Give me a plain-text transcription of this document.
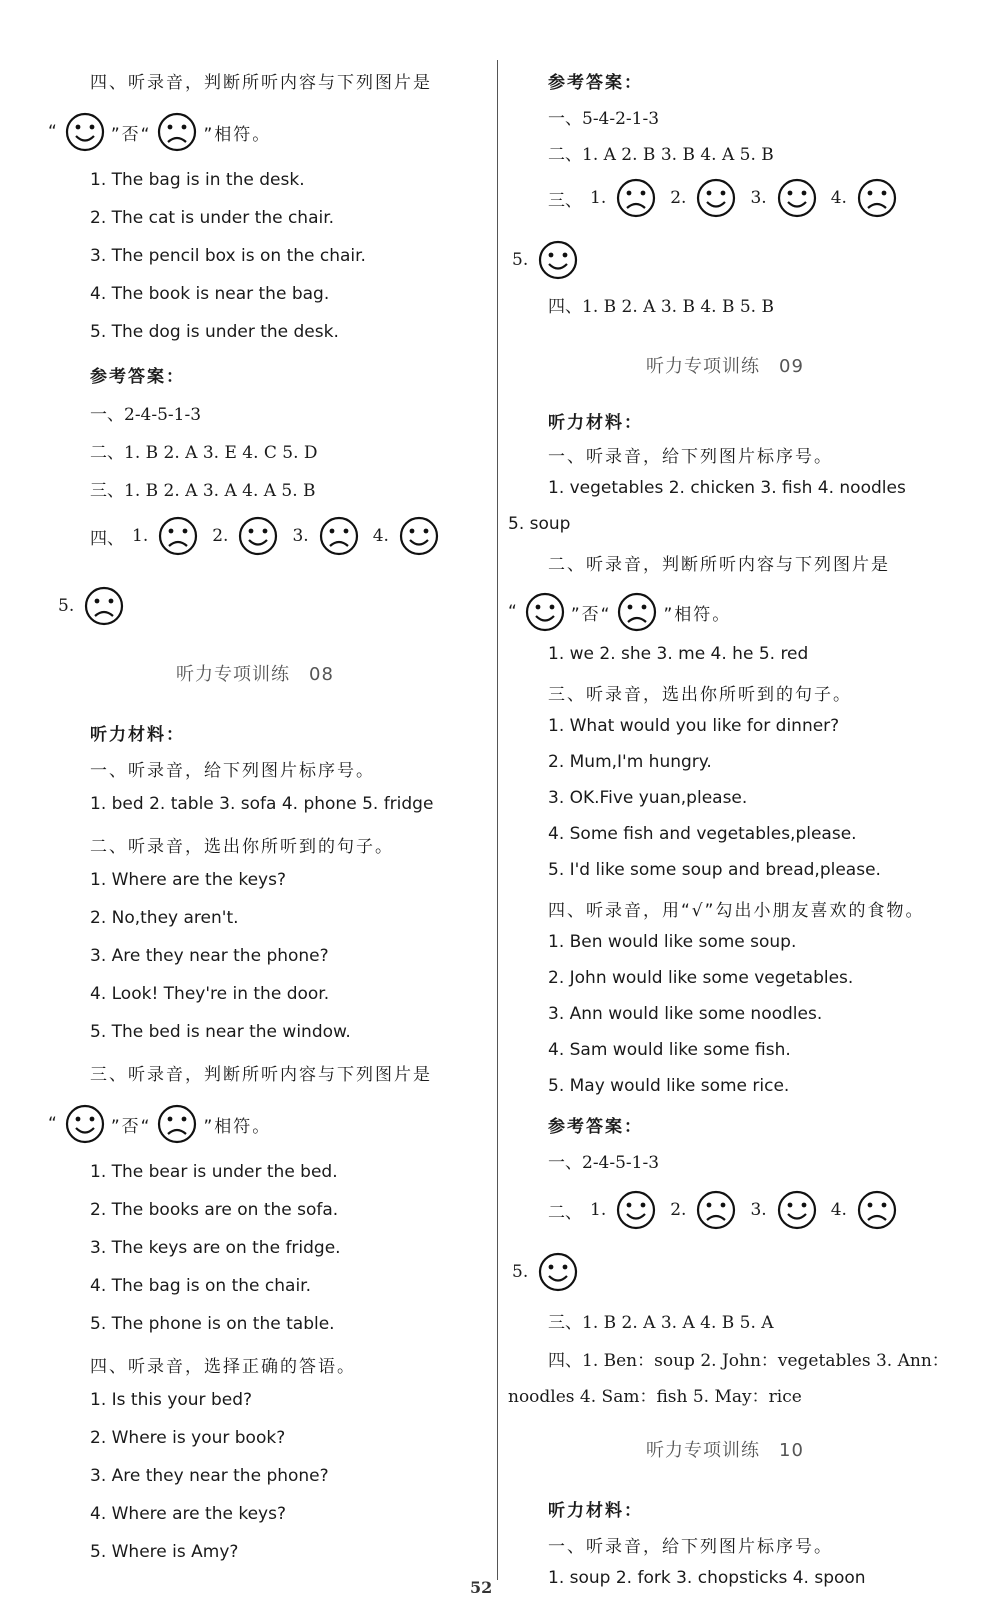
四、听录音，判断所听内容与下列图片是
“	”否“	”相符。
1. The bag is in the desk.
2. The cat is under the chair.
3. The pencil box is on the chair.
4. The book is near the bag.
5. The dog is under the desk.
参考答案：
一、2-4-5-1-3
二、1. B 2. A 3. E 4. C 5. D
三、1. B 2. A 3. A 4. A 5. B
四、 1.	2.	3.	4.
5.
听力专项训练　08
听力材料：
一、听录音，给下列图片标序号。
1. bed 2. table 3. sofa 4. phone 5. fridge
二、听录音，选出你所听到的句子。
1. Where are the keys?
2. No,they aren't.
3. Are they near the phone?
4. Look! They're in the door.
5. The bed is near the window.
三、听录音，判断所听内容与下列图片是
“	”否“	”相符。
1. The bear is under the bed.
2. The books are on the sofa.
3. The keys are on the fridge.
4. The bag is on the chair.
5. The phone is on the table.
四、听录音，选择正确的答语。
1. Is this your bed?
2. Where is your book?
3. Are they near the phone?
4. Where are the keys?
5. Where is Amy?
参考答案：
一、5-4-2-1-3
二、1. A 2. B 3. B 4. A 5. B
三、 1.	2.	3.	4.
5.
四、1. B 2. A 3. B 4. B 5. B
听力专项训练　09
听力材料：
一、听录音，给下列图片标序号。
1. vegetables 2. chicken 3. fish 4. noodles
5. soup
二、听录音，判断所听内容与下列图片是
“	”否“	”相符。
1. we 2. she 3. me 4. he 5. red
三、听录音，选出你所听到的句子。
1. What would you like for dinner?
2. Mum,I'm hungry.
3. OK.Five yuan,please.
4. Some fish and vegetables,please.
5. I'd like some soup and bread,please.
四、听录音，用“√”勾出小朋友喜欢的食物。
1. Ben would like some soup.
2. John would like some vegetables.
3. Ann would like some noodles.
4. Sam would like some fish.
5. May would like some rice.
参考答案：
一、2-4-5-1-3
二、 1.	2.	3.	4.
5.
三、1. B 2. A 3. A 4. B 5. A
四、1. Ben：soup 2. John：vegetables 3. Ann：
noodles 4. Sam：fish 5. May：rice
听力专项训练　10
听力材料：
一、听录音，给下列图片标序号。
1. soup 2. fork 3. chopsticks 4. spoon
52
